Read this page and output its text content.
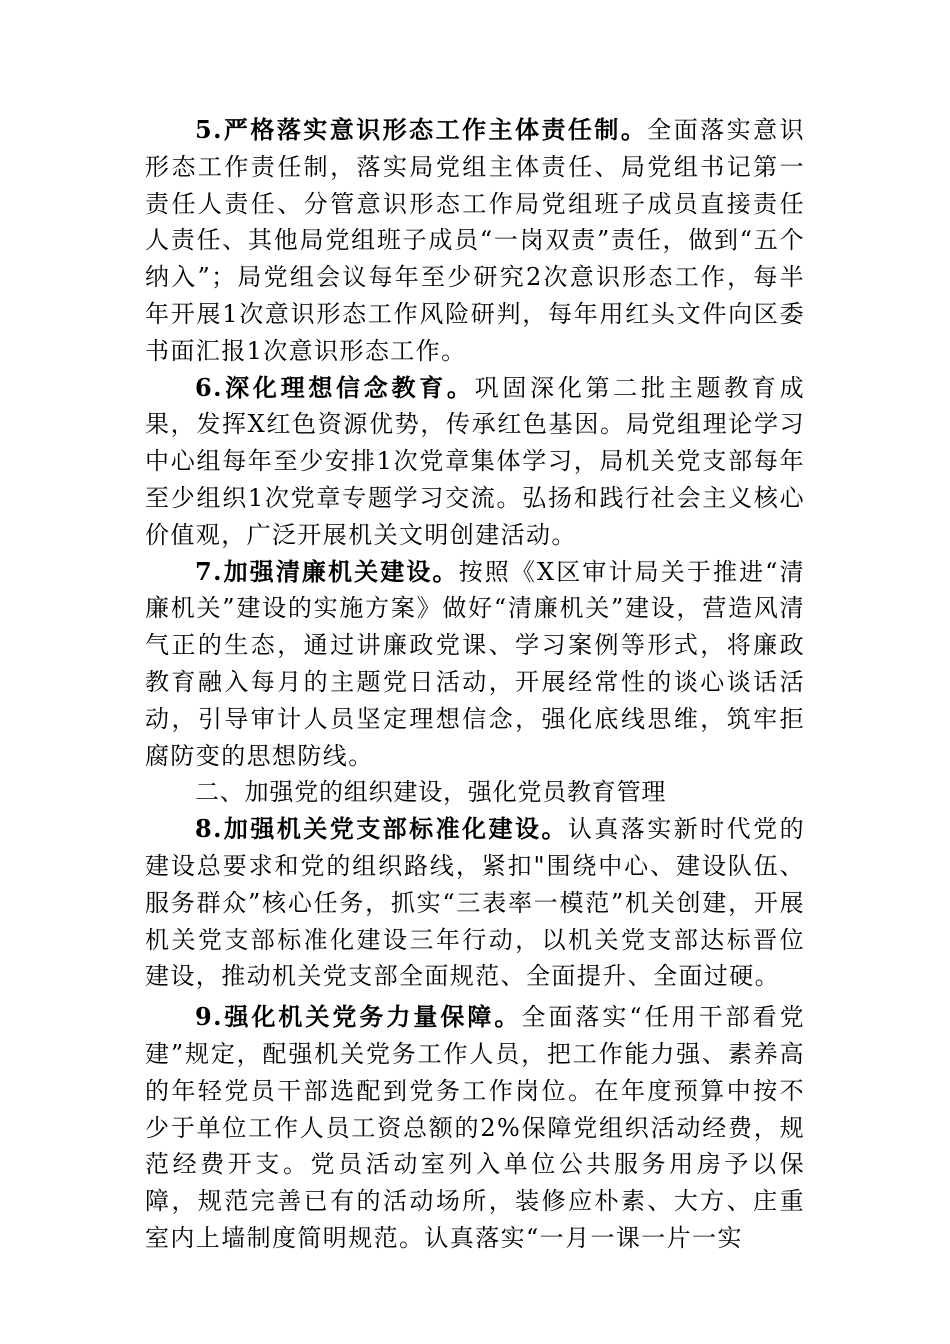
5.严格落实意识形态工作主体责任制。全面落实意识形态工作责任制，落实局党组主体责任、局党组书记第一责任人责任、分管意识形态工作局党组班子成员直接责任人责任、其他局党组班子成员“一岗双责”责任，做到“五个纳入”；局党组会议每年至少研究2次意识形态工作，每半年开展1次意识形态工作风险研判，每年用红头文件向区委书面汇报1次意识形态工作。

6.深化理想信念教育。巩固深化第二批主题教育成果，发挥X红色资源优势，传承红色基因。局党组理论学习中心组每年至少安排1次党章集体学习，局机关党支部每年至少组织1次党章专题学习交流。弘扬和践行社会主义核心价值观，广泛开展机关文明创建活动。

7.加强清廉机关建设。按照《X区审计局关于推进“清廉机关”建设的实施方案》做好“清廉机关”建设，营造风清气正的生态，通过讲廉政党课、学习案例等形式，将廉政教育融入每月的主题党日活动，开展经常性的谈心谈话活动，引导审计人员坚定理想信念，强化底线思维，筑牢拒腐防变的思想防线。

二、加强党的组织建设，强化党员教育管理

8.加强机关党支部标准化建设。认真落实新时代党的建设总要求和党的组织路线，紧扣"围绕中心、建设队伍、服务群众”核心任务，抓实“三表率一模范”机关创建，开展机关党支部标准化建设三年行动，以机关党支部达标晋位建设，推动机关党支部全面规范、全面提升、全面过硬。

9.强化机关党务力量保障。全面落实“任用干部看党建”规定，配强机关党务工作人员，把工作能力强、素养高的年轻党员干部选配到党务工作岗位。在年度预算中按不少于单位工作人员工资总额的2%保障党组织活动经费，规范经费开支。党员活动室列入单位公共服务用房予以保障，规范完善已有的活动场所，装修应朴素、大方、庄重室内上墙制度简明规范。认真落实“一月一课一片一实
